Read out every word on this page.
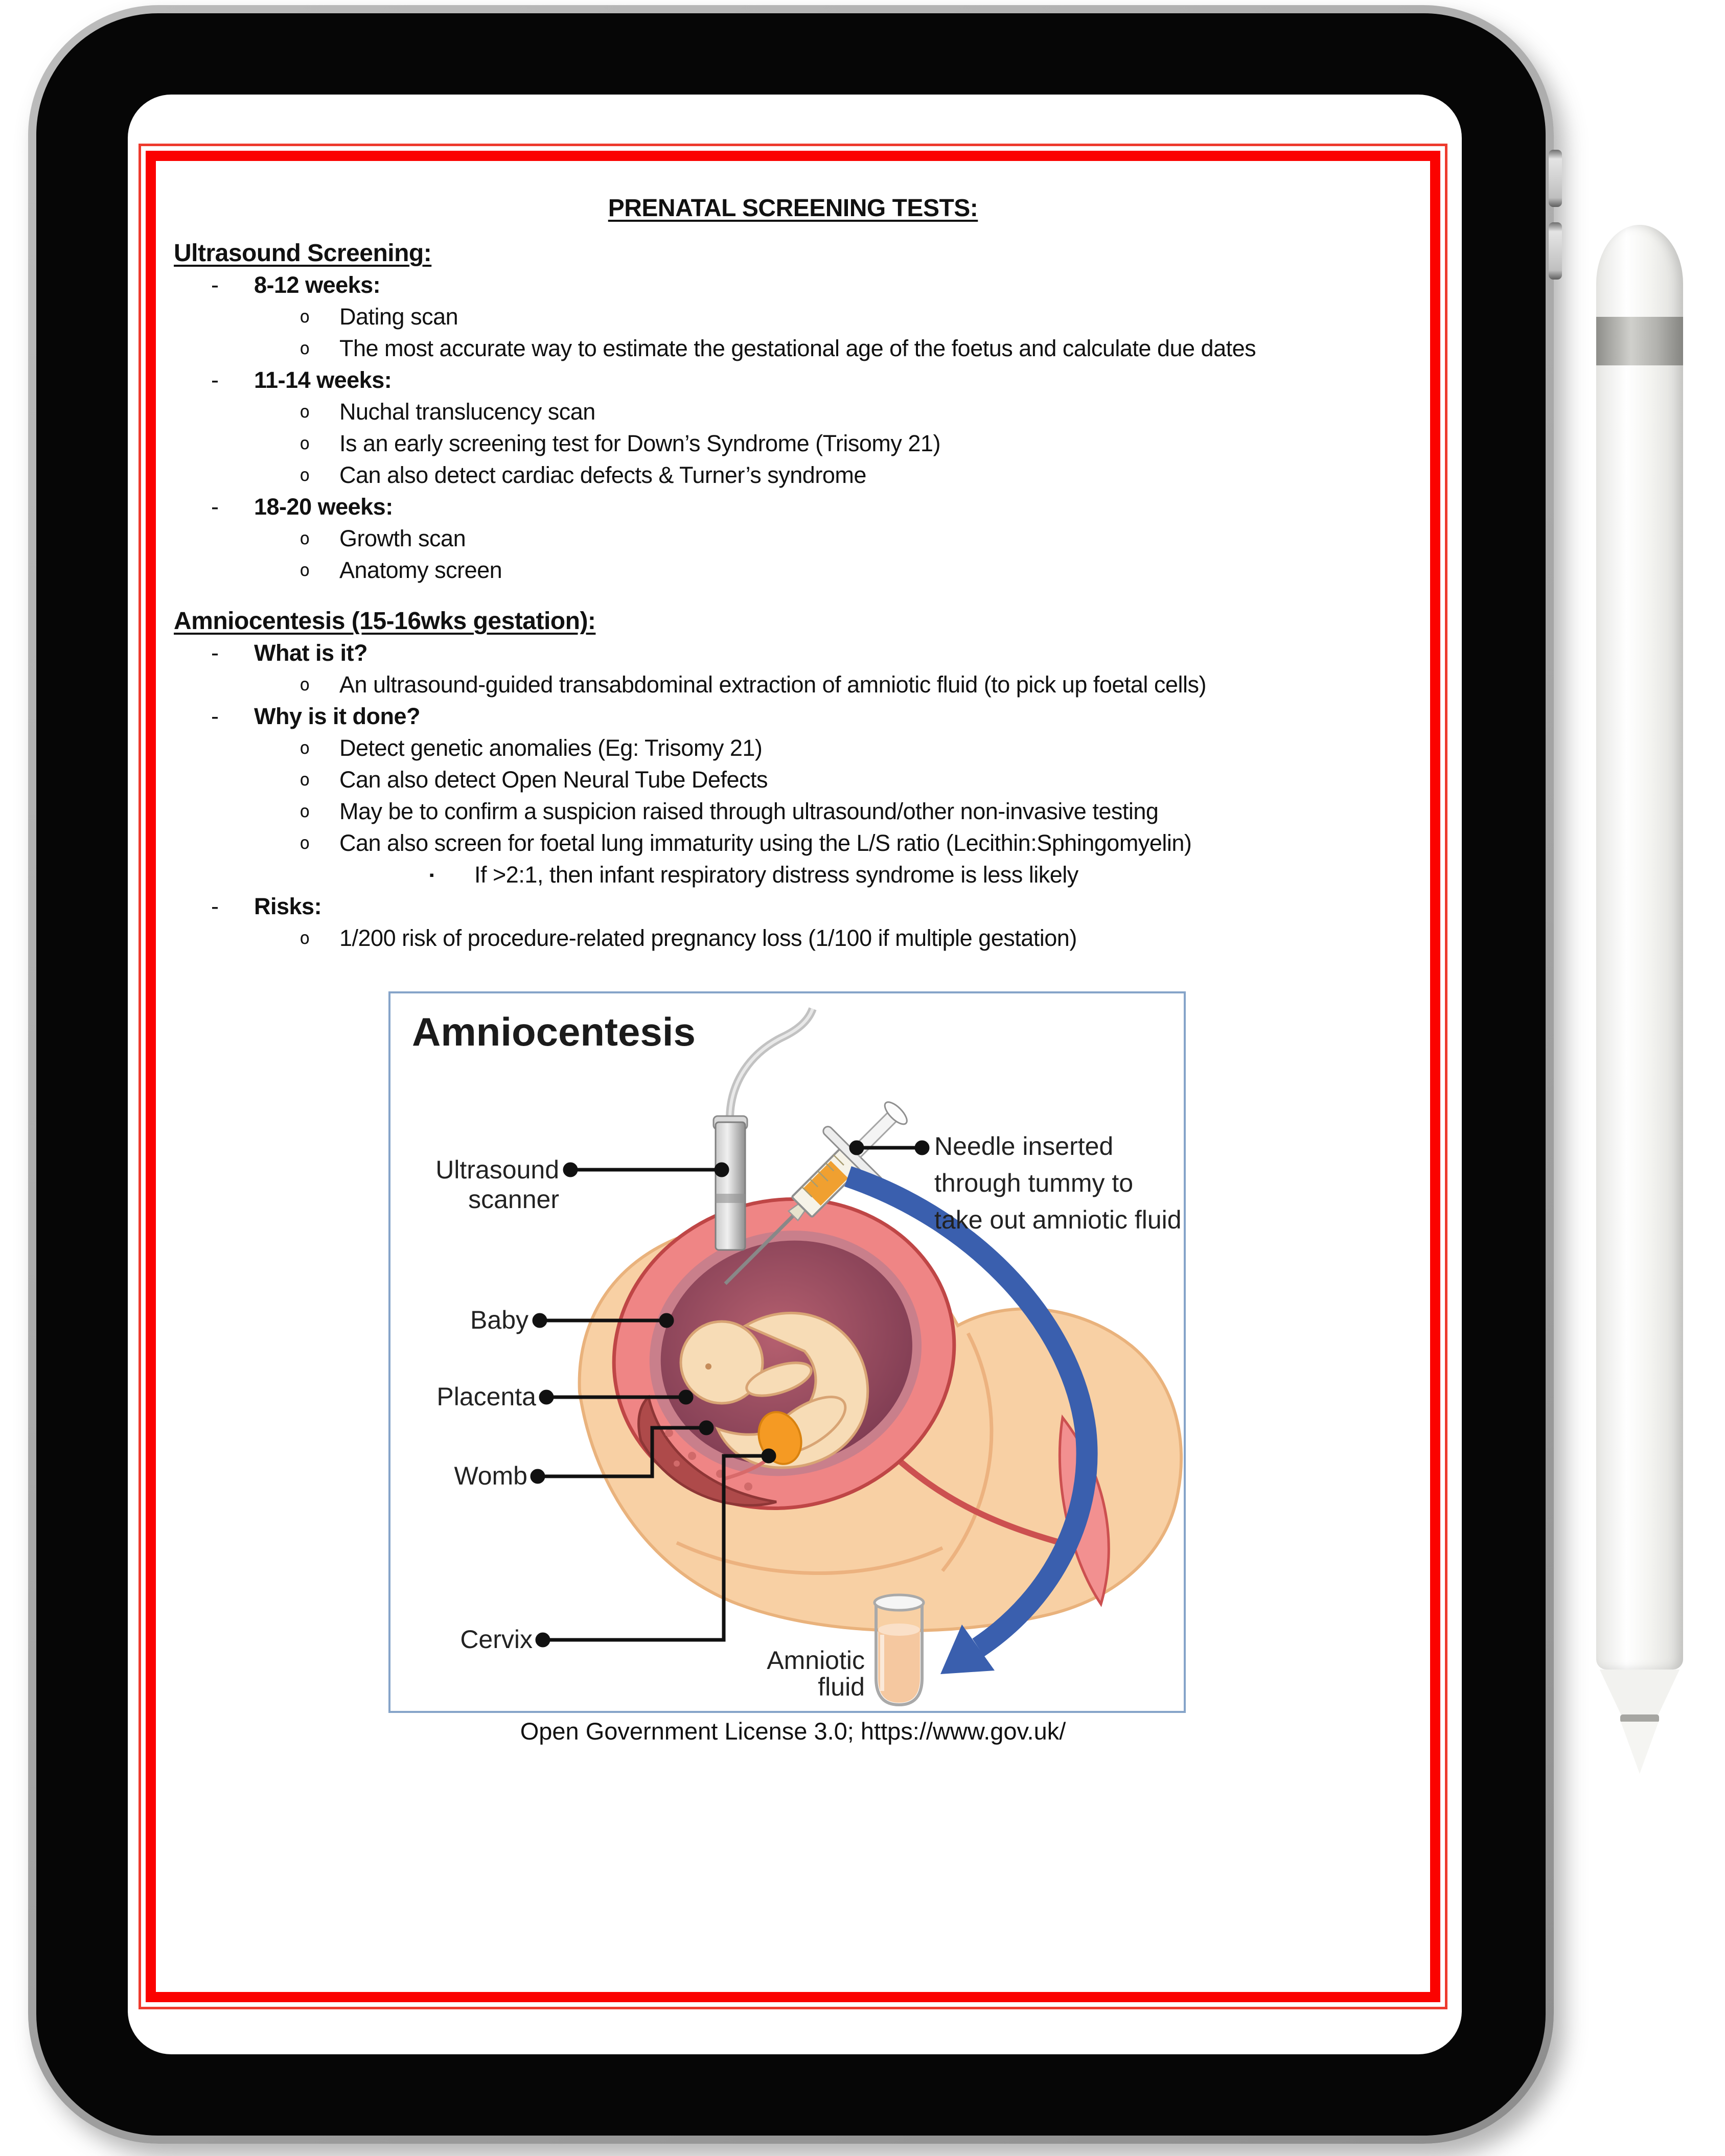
PRENATAL SCREENING TESTS:
Ultrasound Screening:
- 8-12 weeks:
o Dating scan
o The most accurate way to estimate the gestational age of the foetus and calculate due dates
- 11-14 weeks:
o Nuchal translucency scan
o Is an early screening test for Down’s Syndrome (Trisomy 21)
o Can also detect cardiac defects & Turner’s syndrome
- 18-20 weeks:
o Growth scan
o Anatomy screen
Amniocentesis (15-16wks gestation):
- What is it?
o An ultrasound-guided transabdominal extraction of amniotic fluid (to pick up foetal cells)
- Why is it done?
o Detect genetic anomalies (Eg: Trisomy 21)
o Can also detect Open Neural Tube Defects
o May be to confirm a suspicion raised through ultrasound/other non-invasive testing
o Can also screen for foetal lung immaturity using the L/S ratio (Lecithin:Sphingomyelin)
▪ If >2:1, then infant respiratory distress syndrome is less likely
- Risks:
o 1/200 risk of procedure-related pregnancy loss (1/100 if multiple gestation)
Amniocentesis
Ultrasound
scanner
Baby
Placenta
Womb
Cervix
Needle inserted
through tummy to
take out amniotic fluid
Amniotic
fluid
Open Government License 3.0; https://www.gov.uk/
